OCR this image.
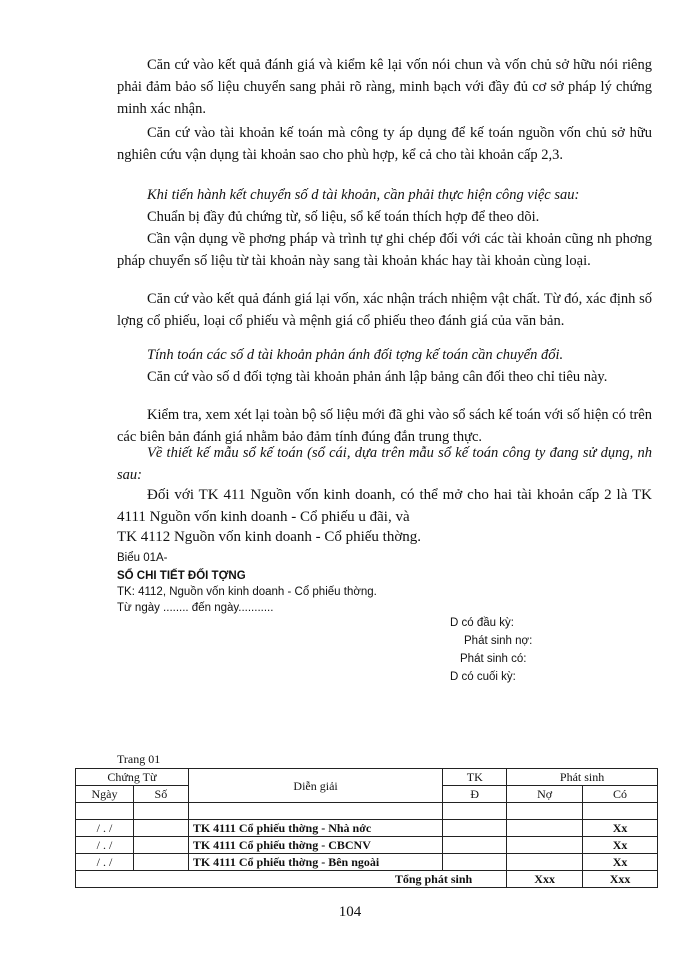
Căn cứ vào kết quả đánh giá và kiểm kê lại vốn nói chun và vốn chủ sở hữu nói riêng phải đảm bảo số liệu chuyển sang phải rõ ràng, minh bạch với đầy đủ cơ sở pháp lý chứng minh xác nhận.

Căn cứ vào tài khoản kế toán mà công ty áp dụng để kế toán nguồn vốn chủ sở hữu nghiên cứu vận dụng tài khoản sao cho phù hợp, kể cả cho tài khoản cấp 2,3.

Khi tiến hành kết chuyển số d tài khoản, cần phải thực hiện công việc sau:

Chuẩn bị đầy đủ chứng từ, số liệu, sổ kế toán thích hợp để theo dõi.

Cần vận dụng về phơng pháp và trình tự ghi chép đối với các tài khoản cũng nh phơng pháp chuyển số liệu từ tài khoản này sang tài khoản khác hay tài khoản cùng loại.

Căn cứ vào kết quả đánh giá lại vốn, xác nhận trách nhiệm vật chất. Từ đó, xác định số lợng cổ phiếu, loại cổ phiếu và mệnh giá cổ phiếu theo đánh giá của văn bản.

Tính toán các số d tài khoản phản ánh đối tợng kế toán cần chuyển đổi.

Căn cứ vào số d đối tợng tài khoản phản ánh lập bảng cân đối theo chỉ tiêu này.

Kiểm tra, xem xét lại toàn bộ số liệu mới đã ghi vào sổ sách kế toán với số hiện có trên các biên bản đánh giá nhằm bảo đảm tính đúng đắn trung thực.

Về thiết kế mẫu sổ kế toán (sổ cái, dựa trên mẫu sổ kế toán công ty đang sử dụng, nh sau:

Đối với TK 411 Nguồn vốn kinh doanh, có thể mở cho hai tài khoản cấp 2 là TK 4111 Nguồn vốn kinh doanh - Cổ phiếu u đãi, và

TK 4112 Nguồn vốn kinh doanh - Cổ phiếu thờng.

Biểu 01A-

SỔ CHI TIẾT ĐỐI TỢNG

TK: 4112, Nguồn vốn kinh doanh - Cổ phiếu thờng.

Từ ngày ........ đến ngày...........

D có đầu kỳ:
Phát sinh nợ:
Phát sinh có:
D có cuối kỳ:
Trang 01
Chứng Từ		Diễn giải	TK	Phát sinh	
Ngày	Số		Đ	Nợ	Có

/ . /		TK 4111 Cổ phiếu thờng - Nhà nớc			Xx
/ . /		TK 4111 Cổ phiếu thờng - CBCNV			Xx
/ . /		TK 4111 Cổ phiếu thờng - Bên ngoài			Xx
Tổng phát sinh				Xxx	Xxx
104
